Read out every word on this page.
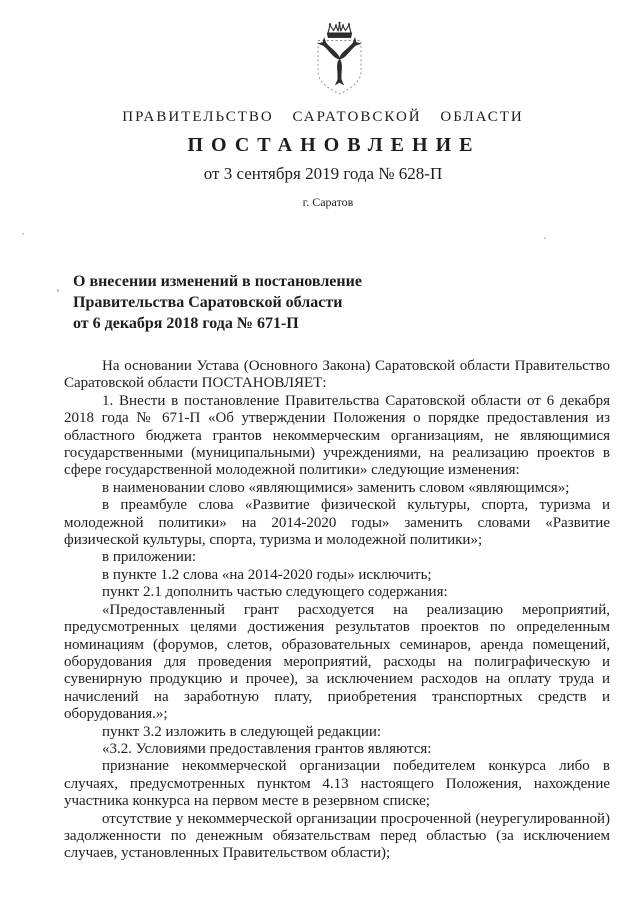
ПРАВИТЕЛЬСТВО САРАТОВСКОЙ ОБЛАСТИ
ПОСТАНОВЛЕНИЕ
от 3 сентября 2019 года № 628-П
г. Саратов
О внесении изменений в постановление
Правительства Саратовской области
от 6 декабря 2018 года № 671-П

На основании Устава (Основного Закона) Саратовской области Правительство Саратовской области ПОСТАНОВЛЯЕТ:

1. Внести в постановление Правительства Саратовской области от 6 декабря 2018 года № 671-П «Об утверждении Положения о порядке предоставления из областного бюджета грантов некоммерческим организациям, не являющимися государственными (муниципальными) учреждениями, на реализацию проектов в сфере государственной молодежной политики» следующие изменения:

в наименовании слово «являющимися» заменить словом «являющимся»;

в преамбуле слова «Развитие физической культуры, спорта, туризма и молодежной политики» на 2014-2020 годы» заменить словами «Развитие физической культуры, спорта, туризма и молодежной политики»;

в приложении:

в пункте 1.2 слова «на 2014-2020 годы» исключить;

пункт 2.1 дополнить частью следующего содержания:

«Предоставленный грант расходуется на реализацию мероприятий, предусмотренных целями достижения результатов проектов по определенным номинациям (форумов, слетов, образовательных семинаров, аренда помещений, оборудования для проведения мероприятий, расходы на полиграфическую и сувенирную продукцию и прочее), за исключением расходов на оплату труда и начислений на заработную плату, приобретения транспортных средств и оборудования.»;

пункт 3.2 изложить в следующей редакции:

«3.2. Условиями предоставления грантов являются:

признание некоммерческой организации победителем конкурса либо в случаях, предусмотренных пунктом 4.13 настоящего Положения, нахождение участника конкурса на первом месте в резервном списке;

отсутствие у некоммерческой организации просроченной (неурегулированной) задолженности по денежным обязательствам перед областью (за исключением случаев, установленных Правительством области);
